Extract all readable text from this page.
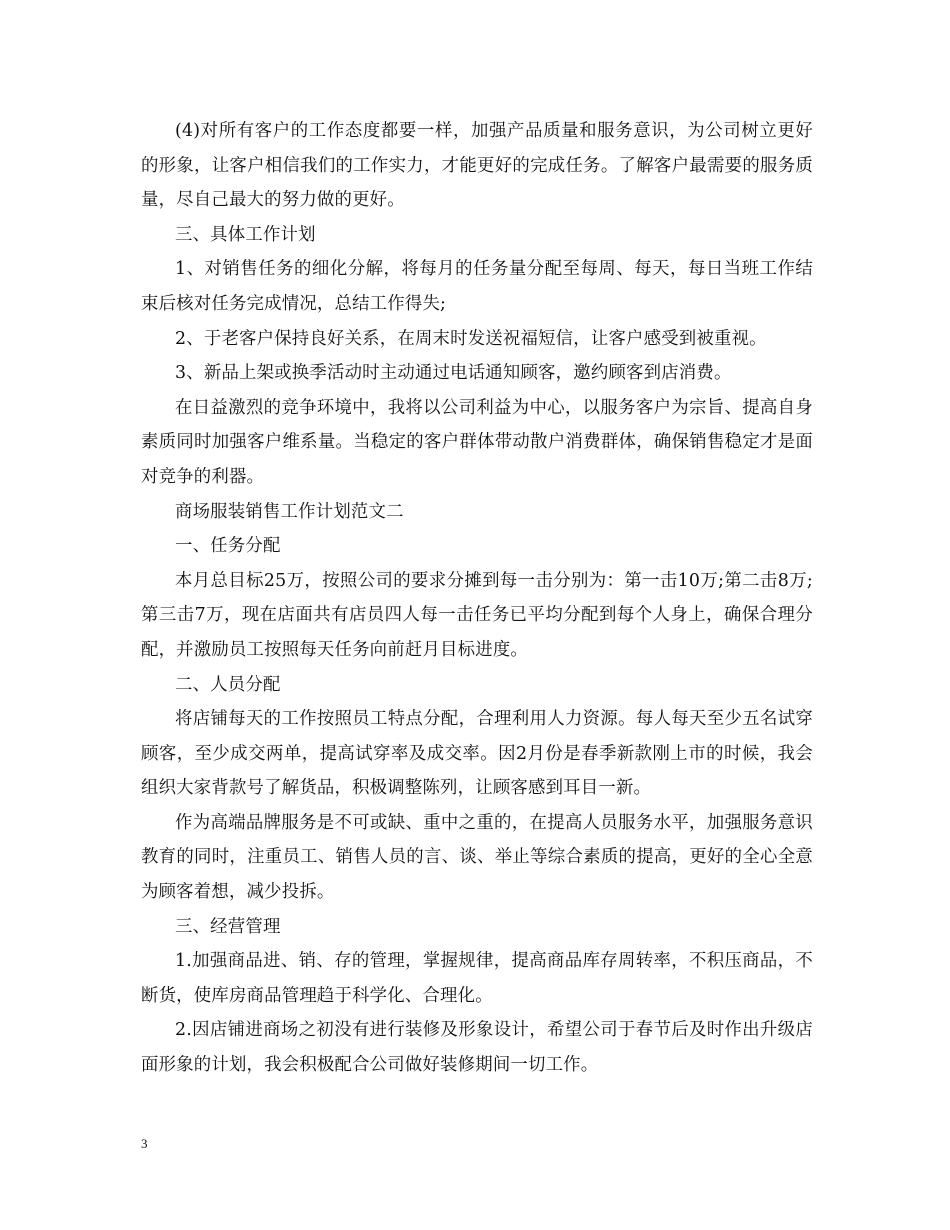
(4)对所有客户的工作态度都要一样，加强产品质量和服务意识，为公司树立更好的形象，让客户相信我们的工作实力，才能更好的完成任务。了解客户最需要的服务质量，尽自己最大的努力做的更好。

三、具体工作计划

1、对销售任务的细化分解，将每月的任务量分配至每周、每天，每日当班工作结束后核对任务完成情况，总结工作得失;

2、于老客户保持良好关系，在周末时发送祝福短信，让客户感受到被重视。

3、新品上架或换季活动时主动通过电话通知顾客，邀约顾客到店消费。

在日益激烈的竞争环境中，我将以公司利益为中心，以服务客户为宗旨、提高自身素质同时加强客户维系量。当稳定的客户群体带动散户消费群体，确保销售稳定才是面对竞争的利器。

商场服装销售工作计划范文二

一、任务分配

本月总目标25万，按照公司的要求分摊到每一击分别为：第一击10万;第二击8万;第三击7万，现在店面共有店员四人每一击任务已平均分配到每个人身上，确保合理分配，并激励员工按照每天任务向前赶月目标进度。

二、人员分配

将店铺每天的工作按照员工特点分配，合理利用人力资源。每人每天至少五名试穿顾客，至少成交两单，提高试穿率及成交率。因2月份是春季新款刚上市的时候，我会组织大家背款号了解货品，积极调整陈列，让顾客感到耳目一新。

作为高端品牌服务是不可或缺、重中之重的，在提高人员服务水平，加强服务意识教育的同时，注重员工、销售人员的言、谈、举止等综合素质的提高，更好的全心全意为顾客着想，减少投拆。

三、经营管理

1.加强商品进、销、存的管理，掌握规律，提高商品库存周转率，不积压商品，不断货，使库房商品管理趋于科学化、合理化。

2.因店铺进商场之初没有进行装修及形象设计，希望公司于春节后及时作出升级店面形象的计划，我会积极配合公司做好装修期间一切工作。

3
